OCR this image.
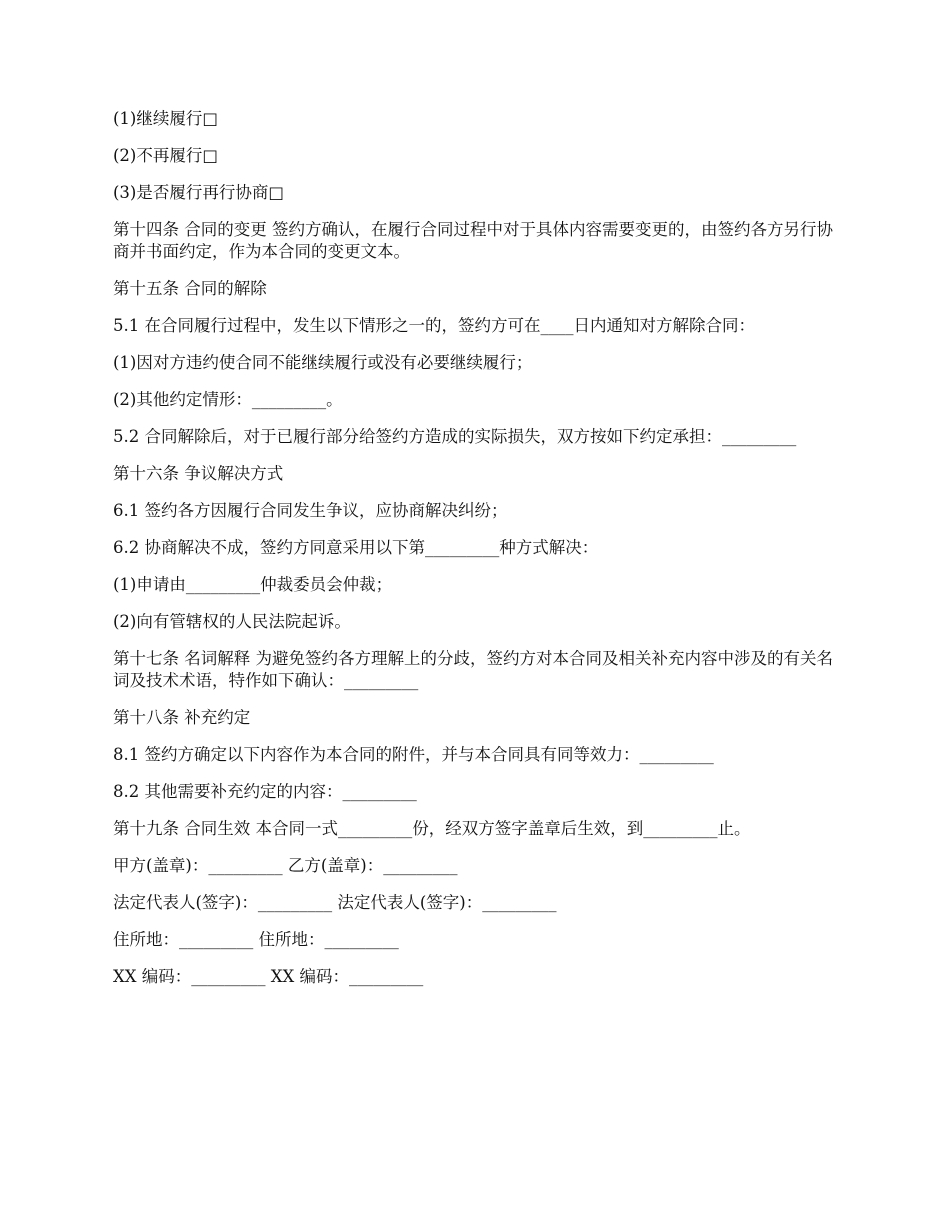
(1)继续履行□

(2)不再履行□

(3)是否履行再行协商□

第十四条 合同的变更 签约方确认，在履行合同过程中对于具体内容需要变更的，由签约各方另行协商并书面约定，作为本合同的变更文本。

第十五条 合同的解除

5.1 在合同履行过程中，发生以下情形之一的，签约方可在____日内通知对方解除合同：

(1)因对方违约使合同不能继续履行或没有必要继续履行；

(2)其他约定情形：_________。

5.2 合同解除后，对于已履行部分给签约方造成的实际损失，双方按如下约定承担：_________

第十六条 争议解决方式

6.1 签约各方因履行合同发生争议，应协商解决纠纷；

6.2 协商解决不成，签约方同意采用以下第_________种方式解决：

(1)申请由_________仲裁委员会仲裁；

(2)向有管辖权的人民法院起诉。

第十七条 名词解释 为避免签约各方理解上的分歧，签约方对本合同及相关补充内容中涉及的有关名词及技术术语，特作如下确认：_________

第十八条 补充约定

8.1 签约方确定以下内容作为本合同的附件，并与本合同具有同等效力：_________

8.2 其他需要补充约定的内容：_________

第十九条 合同生效 本合同一式_________份，经双方签字盖章后生效，到_________止。

甲方(盖章)：_________ 乙方(盖章)：_________

法定代表人(签字)：_________ 法定代表人(签字)：_________

住所地：_________ 住所地：_________

XX 编码：_________ XX 编码：_________
